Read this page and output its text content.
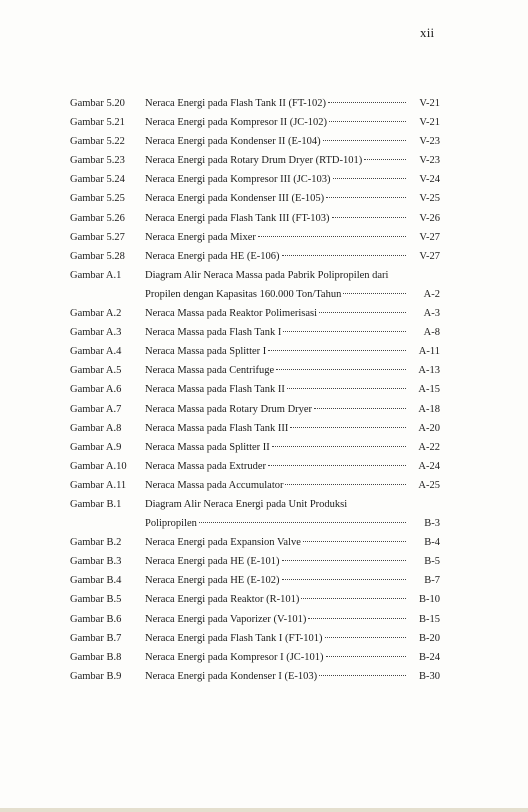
xii
Gambar 5.20	Neraca Energi pada Flash Tank II (FT-102)	V-21
Gambar 5.21	Neraca Energi pada Kompresor II (JC-102)	V-21
Gambar 5.22	Neraca Energi pada Kondenser II (E-104)	V-23
Gambar 5.23	Neraca Energi pada Rotary Drum Dryer (RTD-101)	V-23
Gambar 5.24	Neraca Energi pada Kompresor III (JC-103)	V-24
Gambar 5.25	Neraca Energi pada Kondenser III (E-105)	V-25
Gambar 5.26	Neraca Energi pada Flash Tank III (FT-103)	V-26
Gambar 5.27	Neraca Energi pada Mixer	V-27
Gambar 5.28	Neraca Energi pada HE (E-106)	V-27
Gambar A.1	Diagram Alir Neraca Massa pada Pabrik Polipropilen dari
Propilen dengan Kapasitas 160.000 Ton/Tahun	A-2
Gambar A.2	Neraca Massa pada Reaktor Polimerisasi	A-3
Gambar A.3	Neraca Massa pada Flash Tank I	A-8
Gambar A.4	Neraca Massa pada Splitter I	A-11
Gambar A.5	Neraca Massa pada Centrifuge	A-13
Gambar A.6	Neraca Massa pada Flash Tank II	A-15
Gambar A.7	Neraca Massa pada Rotary Drum Dryer	A-18
Gambar A.8	Neraca Massa pada Flash Tank III	A-20
Gambar A.9	Neraca Massa pada Splitter II	A-22
Gambar A.10	Neraca Massa pada Extruder	A-24
Gambar A.11	Neraca Massa pada Accumulator	A-25
Gambar B.1	Diagram Alir Neraca Energi pada Unit Produksi
Polipropilen	B-3
Gambar B.2	Neraca Energi pada Expansion Valve	B-4
Gambar B.3	Neraca Energi pada HE (E-101)	B-5
Gambar B.4	Neraca Energi pada HE (E-102)	B-7
Gambar B.5	Neraca Energi pada Reaktor (R-101)	B-10
Gambar B.6	Neraca Energi pada Vaporizer (V-101)	B-15
Gambar B.7	Neraca Energi pada Flash Tank I (FT-101)	B-20
Gambar B.8	Neraca Energi pada Kompresor I (JC-101)	B-24
Gambar B.9	Neraca Energi pada Kondenser I (E-103)	B-30
